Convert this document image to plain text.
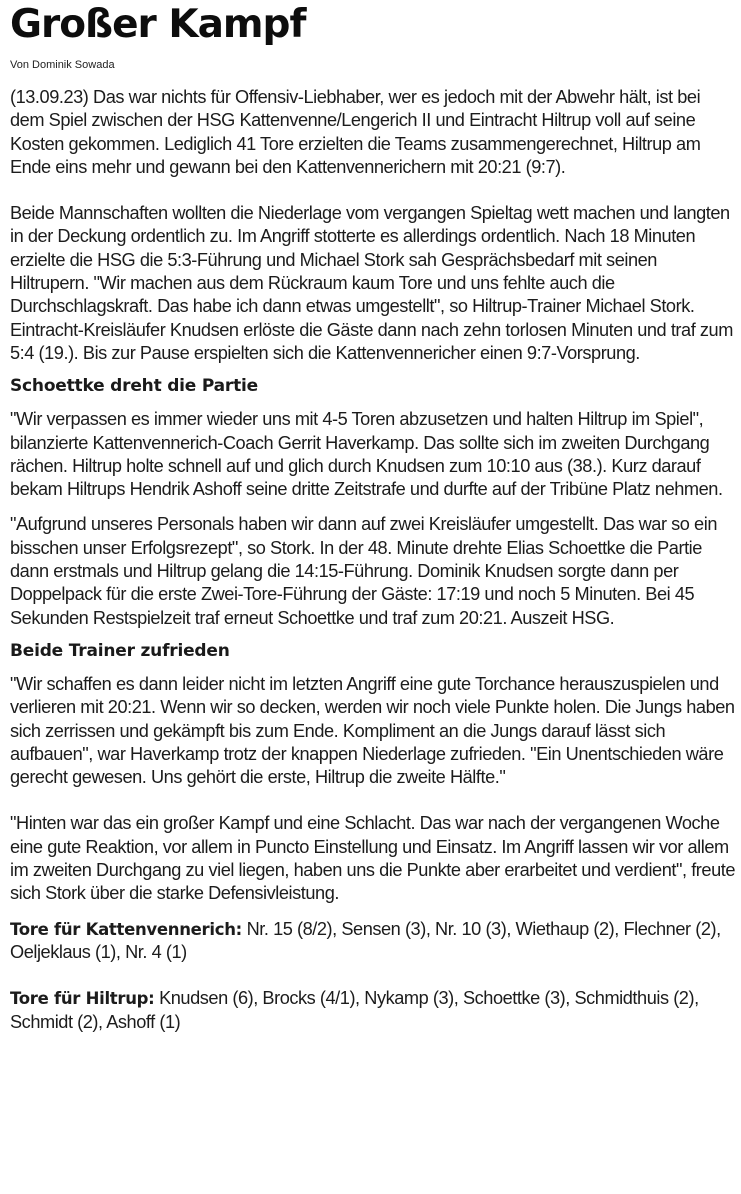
Großer Kampf
Von Dominik Sowada

(13.09.23) Das war nichts für Offensiv-Liebhaber, wer es jedoch mit der Abwehr hält, ist bei dem Spiel zwischen der HSG Kattenvenne/Lengerich II und Eintracht Hiltrup voll auf seine Kosten gekommen. Lediglich 41 Tore erzielten die Teams zusammengerechnet, Hiltrup am Ende eins mehr und gewann bei den Kattenvennerichern mit 20:21 (9:7).

Beide Mannschaften wollten die Niederlage vom vergangen Spieltag wett machen und langten in der Deckung ordentlich zu. Im Angriff stotterte es allerdings ordentlich. Nach 18 Minuten erzielte die HSG die 5:3-Führung und Michael Stork sah Gesprächsbedarf mit seinen Hiltrupern. "Wir machen aus dem Rückraum kaum Tore und uns fehlte auch die Durchschlagskraft. Das habe ich dann etwas umgestellt", so Hiltrup-Trainer Michael Stork. Eintracht-Kreisläufer Knudsen erlöste die Gäste dann nach zehn torlosen Minuten und traf zum 5:4 (19.). Bis zur Pause erspielten sich die Kattenvennericher einen 9:7-Vorsprung.

Schoettke dreht die Partie

"Wir verpassen es immer wieder uns mit 4-5 Toren abzusetzen und halten Hiltrup im Spiel", bilanzierte Kattenvennerich-Coach Gerrit Haverkamp. Das sollte sich im zweiten Durchgang rächen. Hiltrup holte schnell auf und glich durch Knudsen zum 10:10 aus (38.). Kurz darauf bekam Hiltrups Hendrik Ashoff seine dritte Zeitstrafe und durfte auf der Tribüne Platz nehmen.

"Aufgrund unseres Personals haben wir dann auf zwei Kreisläufer umgestellt. Das war so ein bisschen unser Erfolgsrezept", so Stork. In der 48. Minute drehte Elias Schoettke die Partie dann erstmals und Hiltrup gelang die 14:15-Führung. Dominik Knudsen sorgte dann per Doppelpack für die erste Zwei-Tore-Führung der Gäste: 17:19 und noch 5 Minuten. Bei 45 Sekunden Restspielzeit traf erneut Schoettke und traf zum 20:21. Auszeit HSG.

Beide Trainer zufrieden

"Wir schaffen es dann leider nicht im letzten Angriff eine gute Torchance herauszuspielen und verlieren mit 20:21. Wenn wir so decken, werden wir noch viele Punkte holen. Die Jungs haben sich zerrissen und gekämpft bis zum Ende. Kompliment an die Jungs darauf lässt sich aufbauen", war Haverkamp trotz der knappen Niederlage zufrieden. "Ein Unentschieden wäre gerecht gewesen. Uns gehört die erste, Hiltrup die zweite Hälfte."

"Hinten war das ein großer Kampf und eine Schlacht. Das war nach der vergangenen Woche eine gute Reaktion, vor allem in Puncto Einstellung und Einsatz. Im Angriff lassen wir vor allem im zweiten Durchgang zu viel liegen, haben uns die Punkte aber erarbeitet und verdient", freute sich Stork über die starke Defensivleistung.

Tore für Kattenvennerich: Nr. 15 (8/2), Sensen (3), Nr. 10 (3), Wiethaup (2), Flechner (2), Oeljeklaus (1), Nr. 4 (1)

Tore für Hiltrup: Knudsen (6), Brocks (4/1), Nykamp (3), Schoettke (3), Schmidthuis (2), Schmidt (2), Ashoff (1)
